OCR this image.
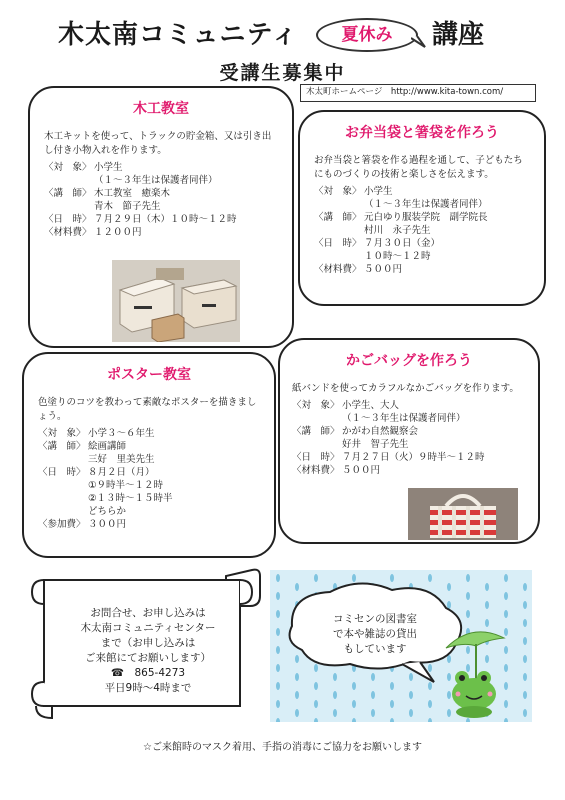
木太南コミュニティ	夏休み	講座
受講生募集中
木太町ホームページ　http://www.kita-town.com/
木工教室
木工キットを使って、トラックの貯金箱、又は引き出し付き小物入れを作ります。
〈対　象〉 小学生
（１～３年生は保護者同伴）
〈講　師〉 木工教室　癒楽木
青木　節子先生
〈日　時〉 ７月２９日（木）１０時～１２時
〈材料費〉 １２００円
お弁当袋と箸袋を作ろう
お弁当袋と箸袋を作る過程を通して、子どもたちにものづくりの技術と楽しさを伝えます。
〈対　象〉 小学生
（１～３年生は保護者同伴）
〈講　師〉 元白ゆり服装学院　副学院長
村川　永子先生
〈日　時〉 ７月３０日（金）
１０時～１２時
〈材料費〉 ５００円
ポスター教室
色塗りのコツを教わって素敵なポスターを描きましょう。
〈対　象〉 小学３～６年生
〈講　師〉 絵画講師
三好　里美先生
〈日　時〉 ８月２日（月）
①９時半～１２時
②１３時～１５時半
どちらか
〈参加費〉 ３００円
かごバッグを作ろう
紙バンドを使ってカラフルなかごバッグを作ります。
〈対　象〉 小学生、大人
（１～３年生は保護者同伴）
〈講　師〉 かがわ自然観察会
好井　智子先生
〈日　時〉 ７月２７日（火）９時半～１２時
〈材料費〉 ５００円
お問合せ、お申し込みは
木太南コミュニティセンター
まで（お申し込みは
ご来館にてお願いします）
☎　865-4273
平日9時～4時まで
コミセンの図書室
で本や雑誌の貸出
もしています
☆ご来館時のマスク着用、手指の消毒にご協力をお願いします
